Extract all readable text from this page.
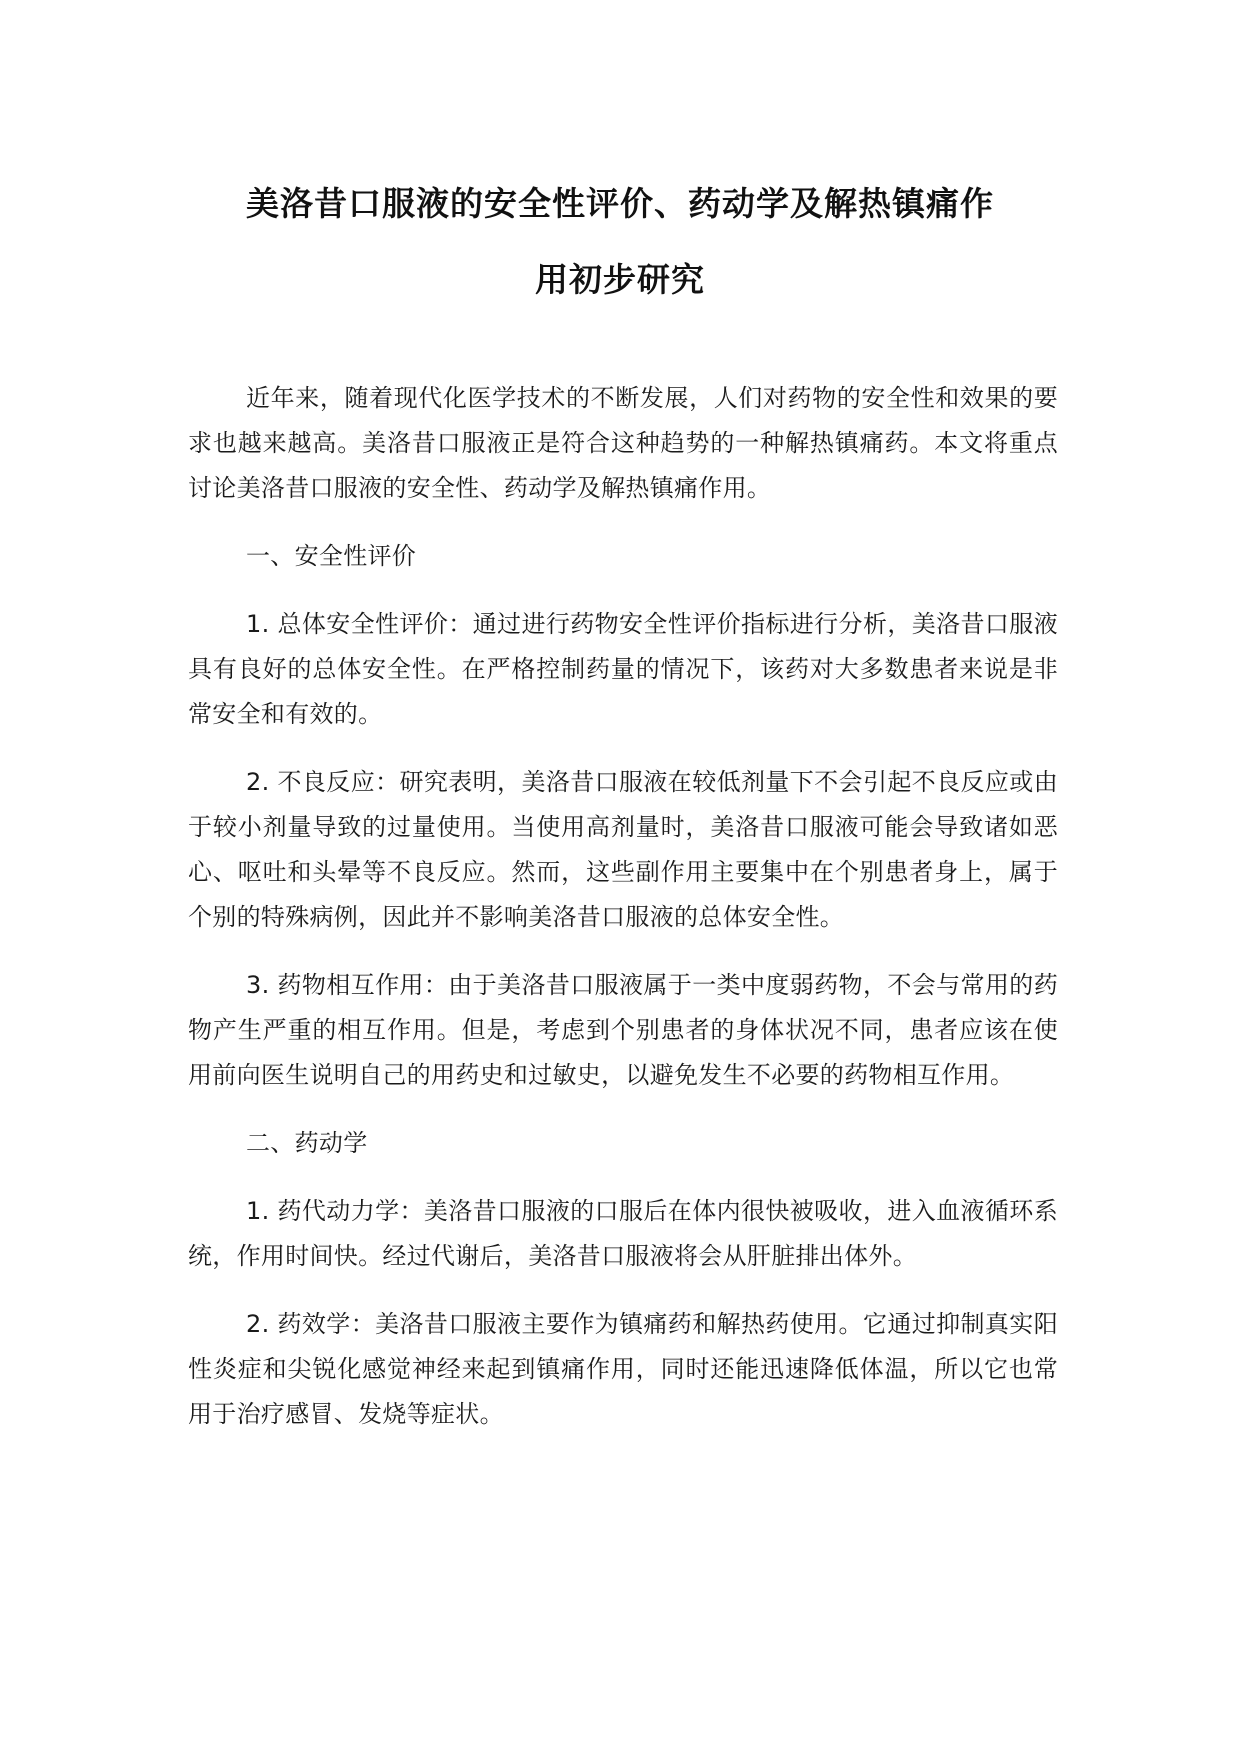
美洛昔口服液的安全性评价、药动学及解热镇痛作
用初步研究

近年来，随着现代化医学技术的不断发展，人们对药物的安全性和效果的要求也越来越高。美洛昔口服液正是符合这种趋势的一种解热镇痛药。本文将重点讨论美洛昔口服液的安全性、药动学及解热镇痛作用。

一、安全性评价

1. 总体安全性评价：通过进行药物安全性评价指标进行分析，美洛昔口服液具有良好的总体安全性。在严格控制药量的情况下，该药对大多数患者来说是非常安全和有效的。

2. 不良反应：研究表明，美洛昔口服液在较低剂量下不会引起不良反应或由于较小剂量导致的过量使用。当使用高剂量时，美洛昔口服液可能会导致诸如恶心、呕吐和头晕等不良反应。然而，这些副作用主要集中在个别患者身上，属于个别的特殊病例，因此并不影响美洛昔口服液的总体安全性。

3. 药物相互作用：由于美洛昔口服液属于一类中度弱药物，不会与常用的药物产生严重的相互作用。但是，考虑到个别患者的身体状况不同，患者应该在使用前向医生说明自己的用药史和过敏史，以避免发生不必要的药物相互作用。

二、药动学

1. 药代动力学：美洛昔口服液的口服后在体内很快被吸收，进入血液循环系统，作用时间快。经过代谢后，美洛昔口服液将会从肝脏排出体外。

2. 药效学：美洛昔口服液主要作为镇痛药和解热药使用。它通过抑制真实阳性炎症和尖锐化感觉神经来起到镇痛作用，同时还能迅速降低体温，所以它也常用于治疗感冒、发烧等症状。
